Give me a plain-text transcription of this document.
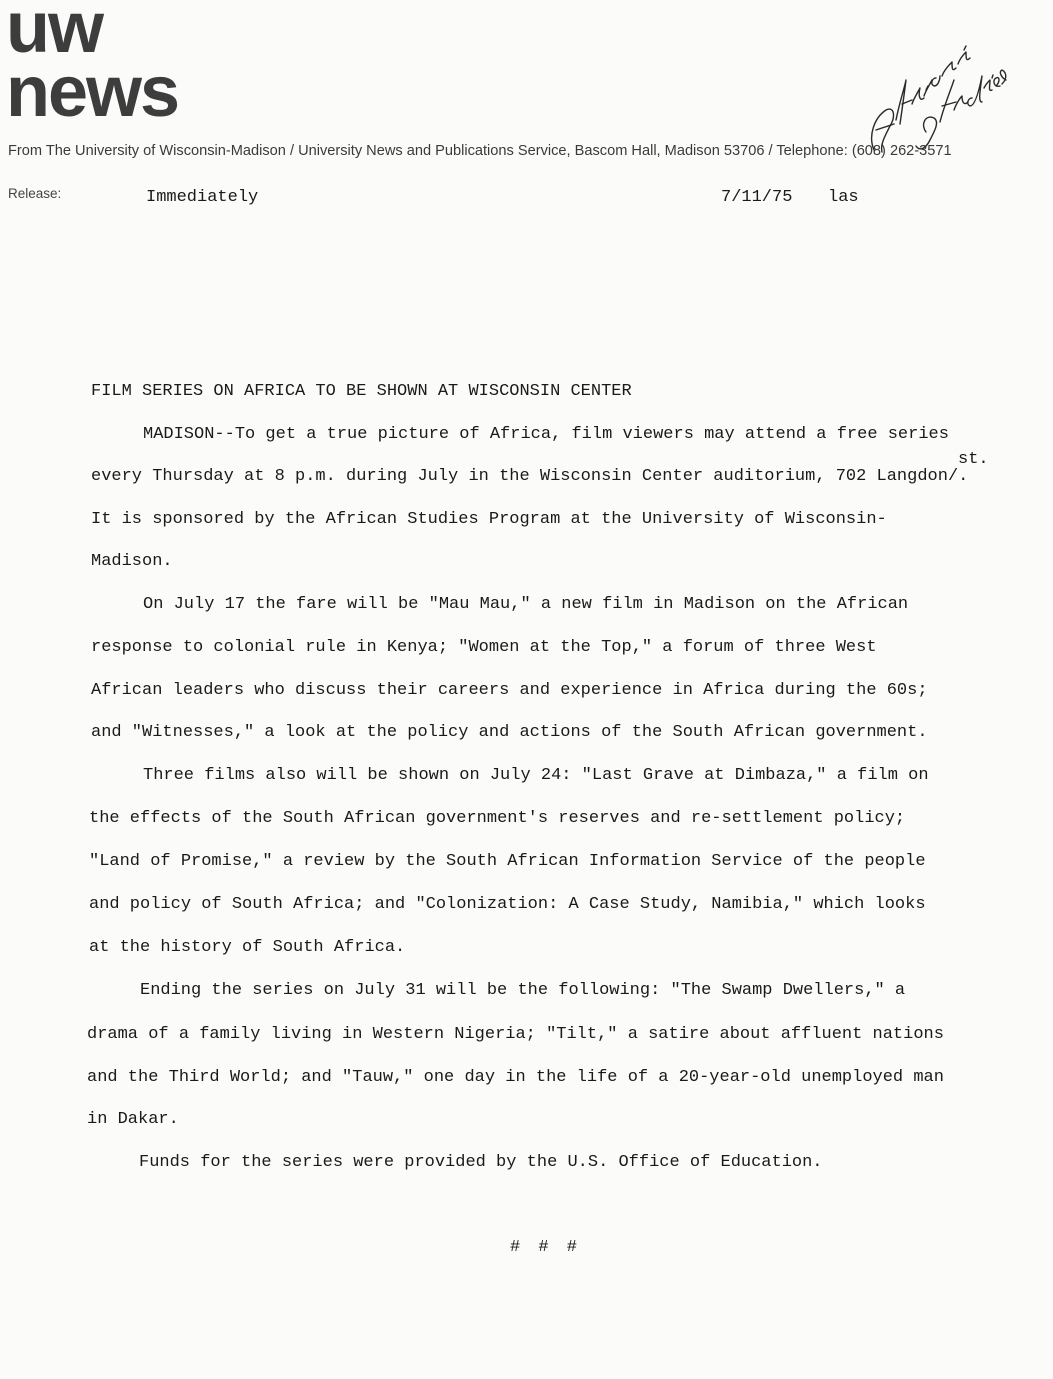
uw
news
From The University of Wisconsin-Madison / University News and Publications Service, Bascom Hall, Madison 53706 / Telephone: (608) 262-3571
Release:	Immediately	7/11/75 las
FILM SERIES ON AFRICA TO BE SHOWN AT WISCONSIN CENTER
st.
MADISON--To get a true picture of Africa, film viewers may attend a free series
every Thursday at 8 p.m. during July in the Wisconsin Center auditorium, 702 Langdon/.
It is sponsored by the African Studies Program at the University of Wisconsin-
Madison.
On July 17 the fare will be "Mau Mau," a new film in Madison on the African
response to colonial rule in Kenya; "Women at the Top," a forum of three West
African leaders who discuss their careers and experience in Africa during the 60s;
and "Witnesses," a look at the policy and actions of the South African government.
Three films also will be shown on July 24: "Last Grave at Dimbaza," a film on
the effects of the South African government's reserves and re-settlement policy;
"Land of Promise," a review by the South African Information Service of the people
and policy of South Africa; and "Colonization: A Case Study, Namibia," which looks
at the history of South Africa.
Ending the series on July 31 will be the following: "The Swamp Dwellers," a
drama of a family living in Western Nigeria; "Tilt," a satire about affluent nations
and the Third World; and "Tauw," one day in the life of a 20-year-old unemployed man
in Dakar.
Funds for the series were provided by the U.S. Office of Education.
# # #
